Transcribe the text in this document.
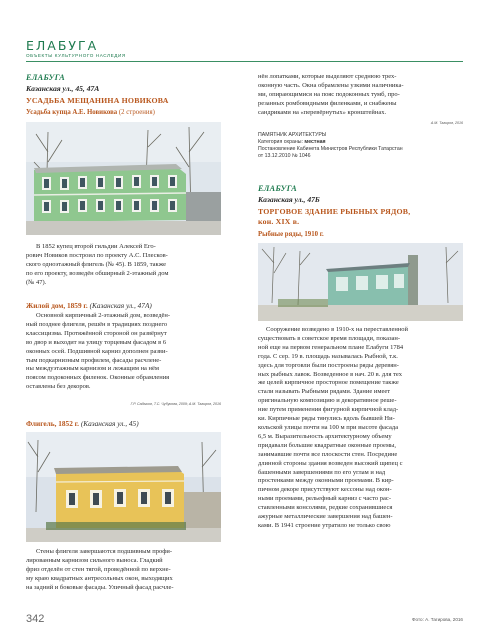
ЕЛАБУГА
ОБЪЕКТЫ КУЛЬТУРНОГО НАСЛЕДИЯ
ЕЛАБУГА
Казанская ул., 45, 47А
УСАДЬБА МЕЩАНИНА НОВИКОВА
Усадьба купца А.Е. Новикова (2 строения)
В 1852 купец второй гильдии Алексей Его-
рович Новиков построил по проекту А.С. Плесков-
ского одноэтажный флигель (№ 45). В 1859, также
по его проекту, возведён обширный 2-этажный дом
(№ 47).
Жилой дом, 1859 г. (Казанская ул., 47А)
Основной кирпичный 2-этажный дом, возведён-
ный позднее флигеля, решён в традициях позднего
классицизма. Протяжённой стороной он развёрнут
во двор и выходит на улицу торцевым фасадом в 6
оконных осей. Подшивной карниз дополнен разви-
тым подкарнизным профилем, фасады расчлене-
ны междуэтажным карнизом и лежащим на нём
поясом подоконных филенок. Оконные обрамления
оставлены без декоров.
Г.Р. Садыков, Т.С. Чубукова, 2009; А.М. Тагиров, 2016
Флигель, 1852 г. (Казанская ул., 45)
Стены флигеля завершаются подшивным профи-
лированным карнизом сильного выноса. Гладкий
фриз отделён от стен тягой, проведённой по верхне-
му краю квадратных антресольных окон, выходящих
на задний и боковые фасады. Уличный фасад расчле-
342
нён лопатками, которые выделяют среднюю трех-
оконную часть. Окна обрамлены узкими наличника-
ми, опирающимися на пояс подоконных тумб, про-
резанных ромбовидными филенками, и снабжены
сандриками на «перевёрнутых» кронштейнах.
А.М. Тагиров, 2016
ПАМЯТНИК АРХИТЕКТУРЫ
Категория охраны: местная
Постановление Кабинета Министров Республики Татарстан
от 13.12.2010 № 1046
ЕЛАБУГА
Казанская ул., 47Б
ТОРГОВОЕ ЗДАНИЕ РЫБНЫХ РЯДОВ,
кон. XIX в.
Рыбные ряды, 1910 г.
Сооружение возведено в 1910-х на переставленной
существовать в советское время площади, показан-
ной еще на первом генеральном плане Елабуги 1784
года. С сер. 19 в. площадь называлась Рыбной, т.к.
здесь для торговли были построены ряды деревян-
ных рыбных лавок. Возведенное в нач. 20 в. для тех
же целей кирпичное просторное помещение также
стали называть Рыбными рядами. Здание имеет
оригинальную композицию и декоративное реше-
ние путем применения фигурной кирпичной клад-
ки. Кирпичные ряды тянулись вдоль бывшей Ни-
кольской улицы почти на 100 м при высоте фасада
6,5 м. Выразительность архитектурному объему
придавали большие квадратные оконные проемы,
занимавшие почти все плоскости стен. Посредине
длинной стороны здания возведен высокий щипец с
башенными завершениями по его углам и над
простенками между оконными проемами. В кир-
пичном декоре присутствуют кессоны над окон-
ными проемами, рельефный карниз с часто рас-
ставленными консолями, редкие сохранившиеся
ажурные металлические завершения над башен-
ками. В 1941 строение утратило не только свою
Фото: А. Тагирова, 2016
